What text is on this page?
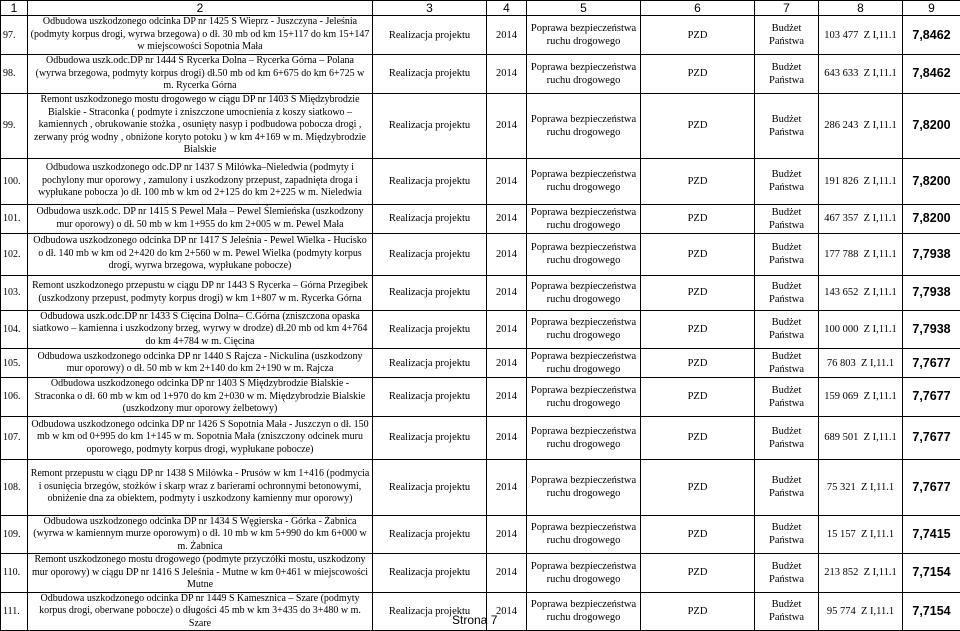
1	2	3	4	5	6	7	8	9
97.	Odbudowa uszkodzonego odcinka DP nr 1425 S Wieprz - Juszczyna - Jeleśnia (podmyty korpus drogi, wyrwa brzegowa) o dł. 30 mb od km 15+117 do km 15+147 w miejscowości Sopotnia Mała	Realizacja projektu	2014	Poprawa bezpieczeństwa ruchu drogowego	PZD	Budżet Państwa	103 477 Z I,11.1	7,8462
98.	Odbudowa uszk.odc.DP nr 1444 S Rycerka Dolna – Rycerka Górna – Polana (wyrwa brzegowa, podmyty korpus drogi) dł.50 mb od km 6+675 do km 6+725 w m. Rycerka Górna	Realizacja projektu	2014	Poprawa bezpieczeństwa ruchu drogowego	PZD	Budżet Państwa	643 633 Z I,11.1	7,8462
99.	Remont uszkodzonego mostu drogowego w ciągu DP nr 1403 S Międzybrodzie Bialskie - Straconka ( podmyte i zniszczone umocnienia z koszy siatkowo – kamiennych , obrukowanie stożka , osunięty nasyp i podbudowa pobocza drogi , zerwany próg wodny , obniżone koryto potoku ) w km 4+169 w m. Międzybrodzie Bialskie	Realizacja projektu	2014	Poprawa bezpieczeństwa ruchu drogowego	PZD	Budżet Państwa	286 243 Z I,11.1	7,8200
100.	Odbudowa uszkodzonego odc.DP nr 1437 S Milówka–Nieledwia (podmyty i pochylony mur oporowy , zamulony i uszkodzony przepust, zapadnięta droga i wypłukane pobocza )o dł. 100 mb w km od 2+125 do km 2+225 w m. Nieledwia	Realizacja projektu	2014	Poprawa bezpieczeństwa ruchu drogowego	PZD	Budżet Państwa	191 826 Z I,11.1	7,8200
101.	Odbudowa uszk.odc. DP nr 1415 S Pewel Mała – Pewel Ślemieńska (uszkodzony mur oporowy) o dł. 50 mb w km 1+955 do km 2+005 w m. Pewel Mała	Realizacja projektu	2014	Poprawa bezpieczeństwa ruchu drogowego	PZD	Budżet Państwa	467 357 Z I,11.1	7,8200
102.	Odbudowa uszkodzonego odcinka DP nr 1417 S Jeleśnia - Pewel Wielka - Hucisko o dł. 140 mb w km od 2+420 do km 2+560 w m. Pewel Wielka (podmyty korpus drogi, wyrwa brzegowa, wypłukane pobocze)	Realizacja projektu	2014	Poprawa bezpieczeństwa ruchu drogowego	PZD	Budżet Państwa	177 788 Z I,11.1	7,7938
103.	Remont uszkodzonego przepustu w ciągu DP nr 1443 S Rycerka – Górna Przegibek (uszkodzony przepust, podmyty korpus drogi) w km 1+807 w m. Rycerka Górna	Realizacja projektu	2014	Poprawa bezpieczeństwa ruchu drogowego	PZD	Budżet Państwa	143 652 Z I,11.1	7,7938
104.	Odbudowa uszk.odc.DP nr 1433 S Cięcina Dolna– C.Górna (zniszczona opaska siatkowo – kamienna i uszkodzony brzeg, wyrwy w drodze) dł.20 mb od km 4+764 do km 4+784 w m. Cięcina	Realizacja projektu	2014	Poprawa bezpieczeństwa ruchu drogowego	PZD	Budżet Państwa	100 000 Z I,11.1	7,7938
105.	Odbudowa uszkodzonego odcinka DP nr 1440 S Rajcza - Nickulina (uszkodzony mur oporowy) o dł. 50 mb w km 2+140 do km 2+190 w m. Rajcza	Realizacja projektu	2014	Poprawa bezpieczeństwa ruchu drogowego	PZD	Budżet Państwa	76 803 Z I,11.1	7,7677
106.	Odbudowa uszkodzonego odcinka DP nr 1403 S Międzybrodzie Bialskie - Straconka o dł. 60 mb w km od 1+970 do km 2+030 w m. Międzybrodzie Bialskie (uszkodzony mur oporowy żelbetowy)	Realizacja projektu	2014	Poprawa bezpieczeństwa ruchu drogowego	PZD	Budżet Państwa	159 069 Z I,11.1	7,7677
107.	Odbudowa uszkodzonego odcinka DP nr 1426 S Sopotnia Mała - Juszczyn o dł. 150 mb w km od 0+995 do km 1+145 w m. Sopotnia Mała (zniszczony odcinek muru oporowego, podmyty korpus drogi, wypłukane pobocze)	Realizacja projektu	2014	Poprawa bezpieczeństwa ruchu drogowego	PZD	Budżet Państwa	689 501 Z I,11.1	7,7677
108.	Remont przepustu w ciągu DP nr 1438 S Milówka - Prusów w km 1+416 (podmycia i osunięcia brzegów, stożków i skarp wraz z barierami ochronnymi betonowymi, obniżenie dna za obiektem, podmyty i uszkodzony kamienny mur oporowy)	Realizacja projektu	2014	Poprawa bezpieczeństwa ruchu drogowego	PZD	Budżet Państwa	75 321 Z I,11.1	7,7677
109.	Odbudowa uszkodzonego odcinka DP nr 1434 S Węgierska - Górka - Żabnica (wyrwa w kamiennym murze oporowym) o dł. 10 mb w km 5+990 do km 6+000 w m. Żabnica	Realizacja projektu	2014	Poprawa bezpieczeństwa ruchu drogowego	PZD	Budżet Państwa	15 157 Z I,11.1	7,7415
110.	Remont uszkodzonego mostu drogowego (podmyte przyczółki mostu, uszkodzony mur oporowy) w ciągu DP nr 1416 S Jeleśnia - Mutne w km 0+461 w miejscowości Mutne	Realizacja projektu	2014	Poprawa bezpieczeństwa ruchu drogowego	PZD	Budżet Państwa	213 852 Z I,11.1	7,7154
111.	Odbudowa uszkodzonego odcinka DP nr 1449 S Kamesznica – Szare (podmyty korpus drogi, oberwane pobocze) o długości 45 mb w km 3+435 do 3+480 w m. Szare	Realizacja projektu	2014	Poprawa bezpieczeństwa ruchu drogowego	PZD	Budżet Państwa	95 774 Z I,11.1	7,7154
Strona 7
